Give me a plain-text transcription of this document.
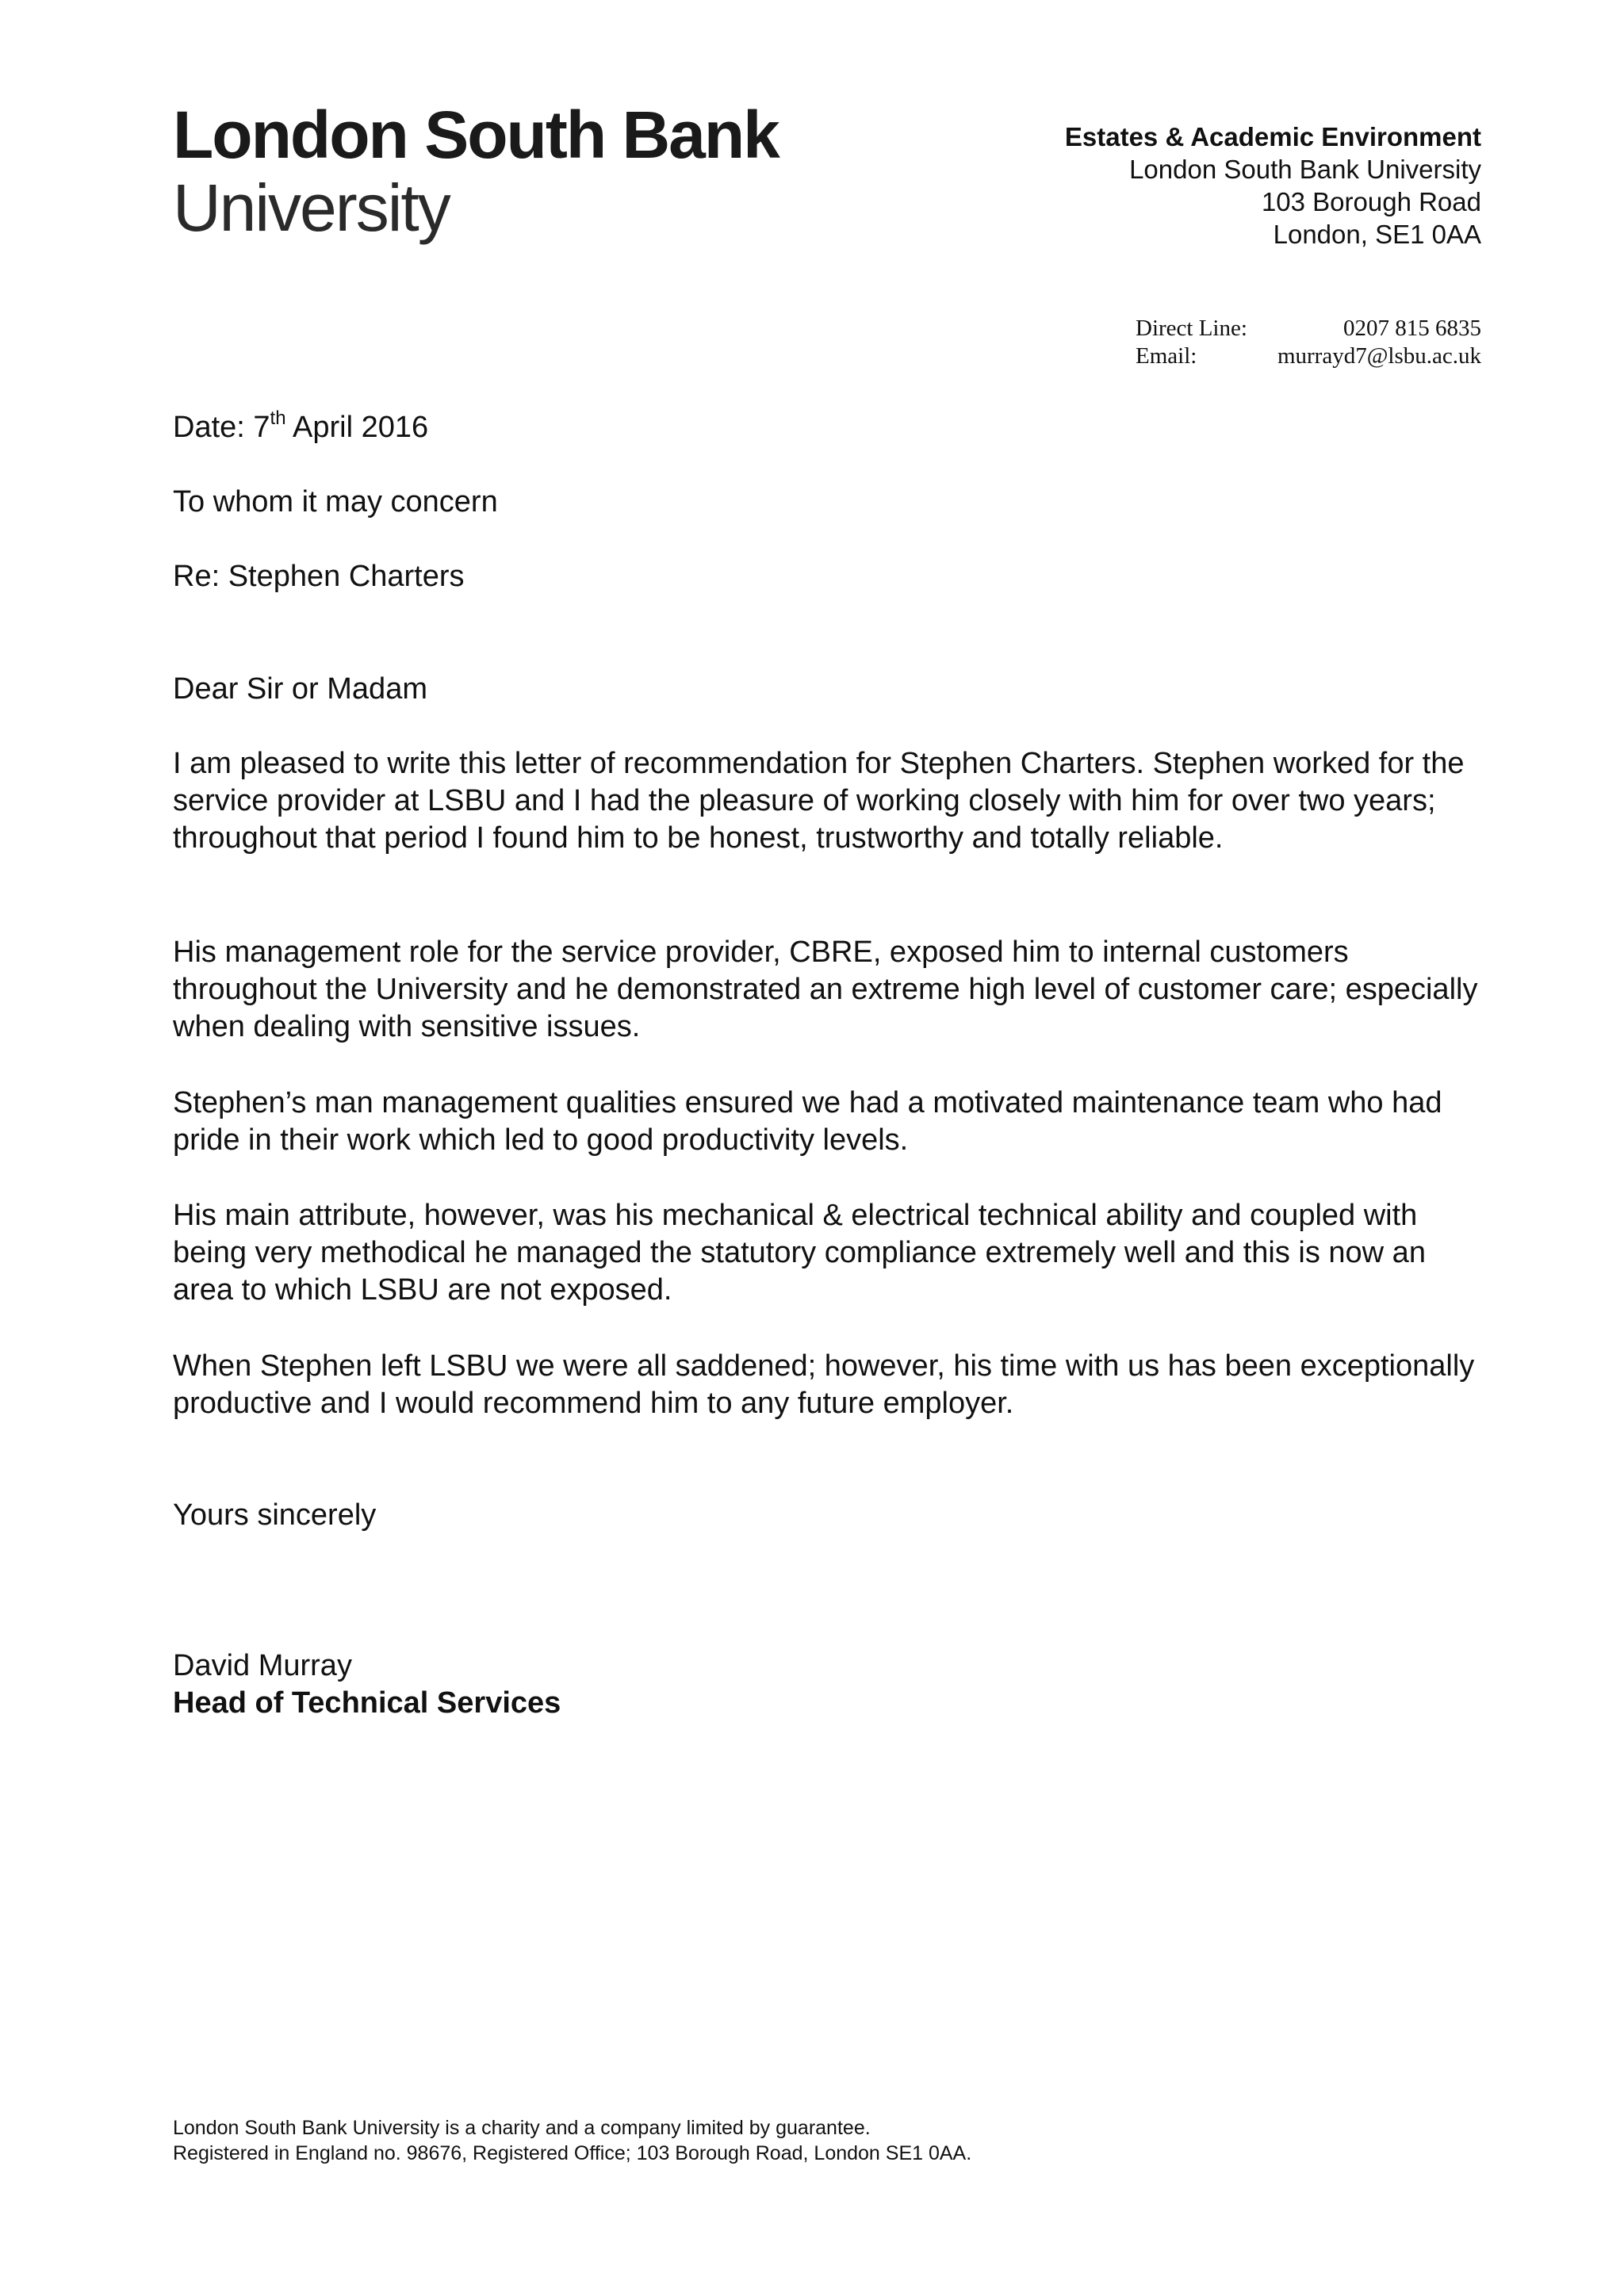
London South Bank
University
Estates & Academic Environment
London South Bank University
103 Borough Road
London, SE1 0AA
Direct Line:	0207 815 6835
Email:	murrayd7@lsbu.ac.uk
Date: 7th April 2016
To whom it may concern
Re: Stephen Charters
Dear Sir or Madam
I am pleased to write this letter of recommendation for Stephen Charters. Stephen worked for the service provider at LSBU and I had the pleasure of working closely with him for over two years; throughout that period I found him to be honest, trustworthy and totally reliable.
His management role for the service provider, CBRE, exposed him to internal customers throughout the University and he demonstrated an extreme high level of customer care; especially when dealing with sensitive issues.
Stephen’s man management qualities ensured we had a motivated maintenance team who had pride in their work which led to good productivity levels.
His main attribute, however, was his mechanical & electrical technical ability and coupled with being very methodical he managed the statutory compliance extremely well and this is now an area to which LSBU are not exposed.
When Stephen left LSBU we were all saddened; however, his time with us has been exceptionally productive and I would recommend him to any future employer.
Yours sincerely
David Murray
Head of Technical Services
London South Bank University is a charity and a company limited by guarantee.
Registered in England no. 98676, Registered Office; 103 Borough Road, London SE1 0AA.
